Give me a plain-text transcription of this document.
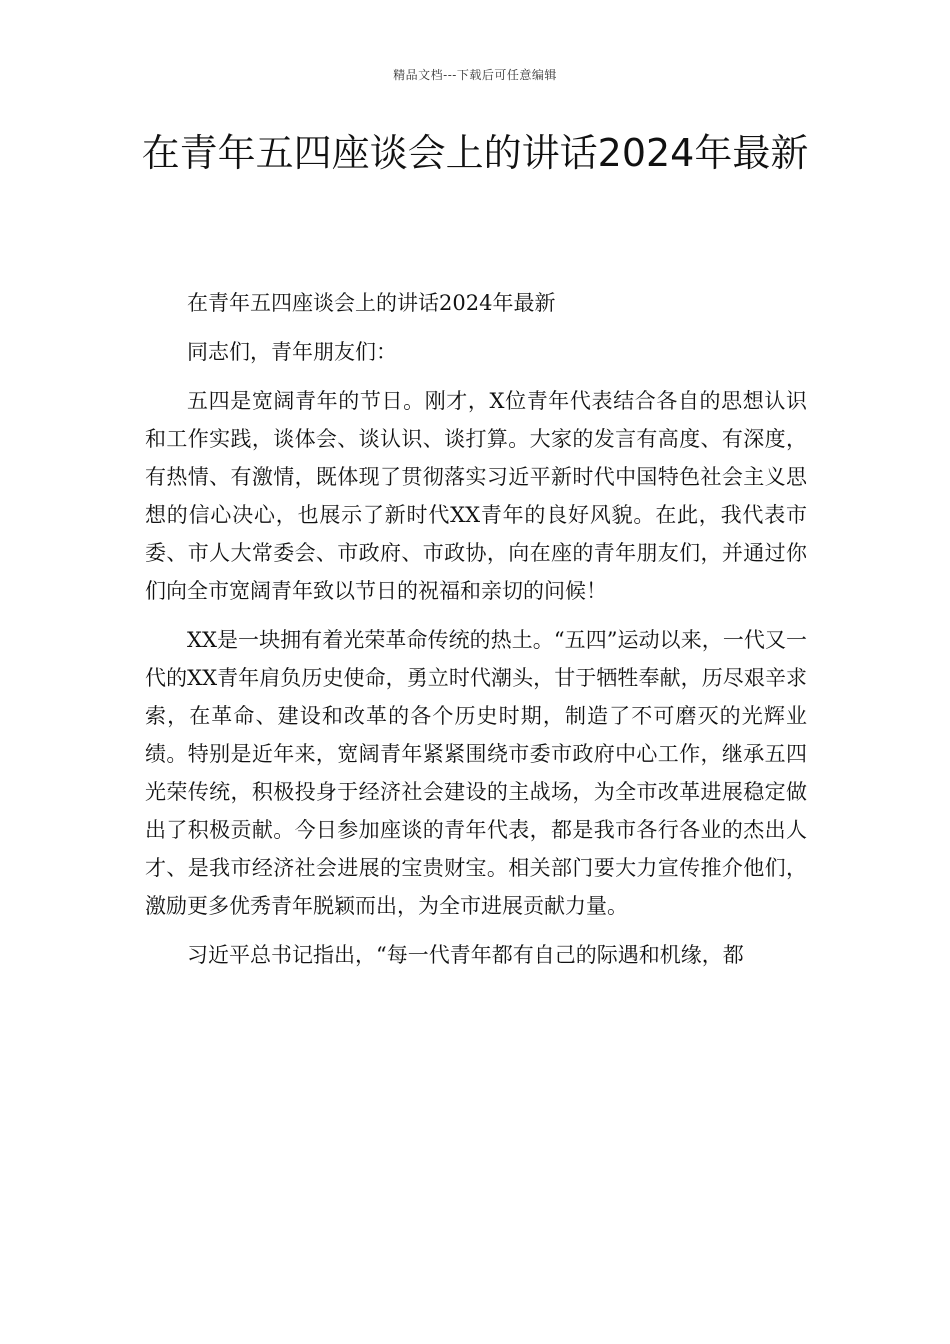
精品文档---下载后可任意编辑
在青年五四座谈会上的讲话2024年最新

在青年五四座谈会上的讲话2024年最新

同志们，青年朋友们：

五四是宽阔青年的节日。刚才，X位青年代表结合各自的思想认识和工作实践，谈体会、谈认识、谈打算。大家的发言有高度、有深度，有热情、有激情，既体现了贯彻落实习近平新时代中国特色社会主义思想的信心决心，也展示了新时代XX青年的良好风貌。在此，我代表市委、市人大常委会、市政府、市政协，向在座的青年朋友们，并通过你们向全市宽阔青年致以节日的祝福和亲切的问候！

XX是一块拥有着光荣革命传统的热土。“五四”运动以来，一代又一代的XX青年肩负历史使命，勇立时代潮头，甘于牺牲奉献，历尽艰辛求索，在革命、建设和改革的各个历史时期，制造了不可磨灭的光辉业绩。特别是近年来，宽阔青年紧紧围绕市委市政府中心工作，继承五四光荣传统，积极投身于经济社会建设的主战场，为全市改革进展稳定做出了积极贡献。今日参加座谈的青年代表，都是我市各行各业的杰出人才、是我市经济社会进展的宝贵财宝。相关部门要大力宣传推介他们，激励更多优秀青年脱颖而出，为全市进展贡献力量。

习近平总书记指出，“每一代青年都有自己的际遇和机缘，都
